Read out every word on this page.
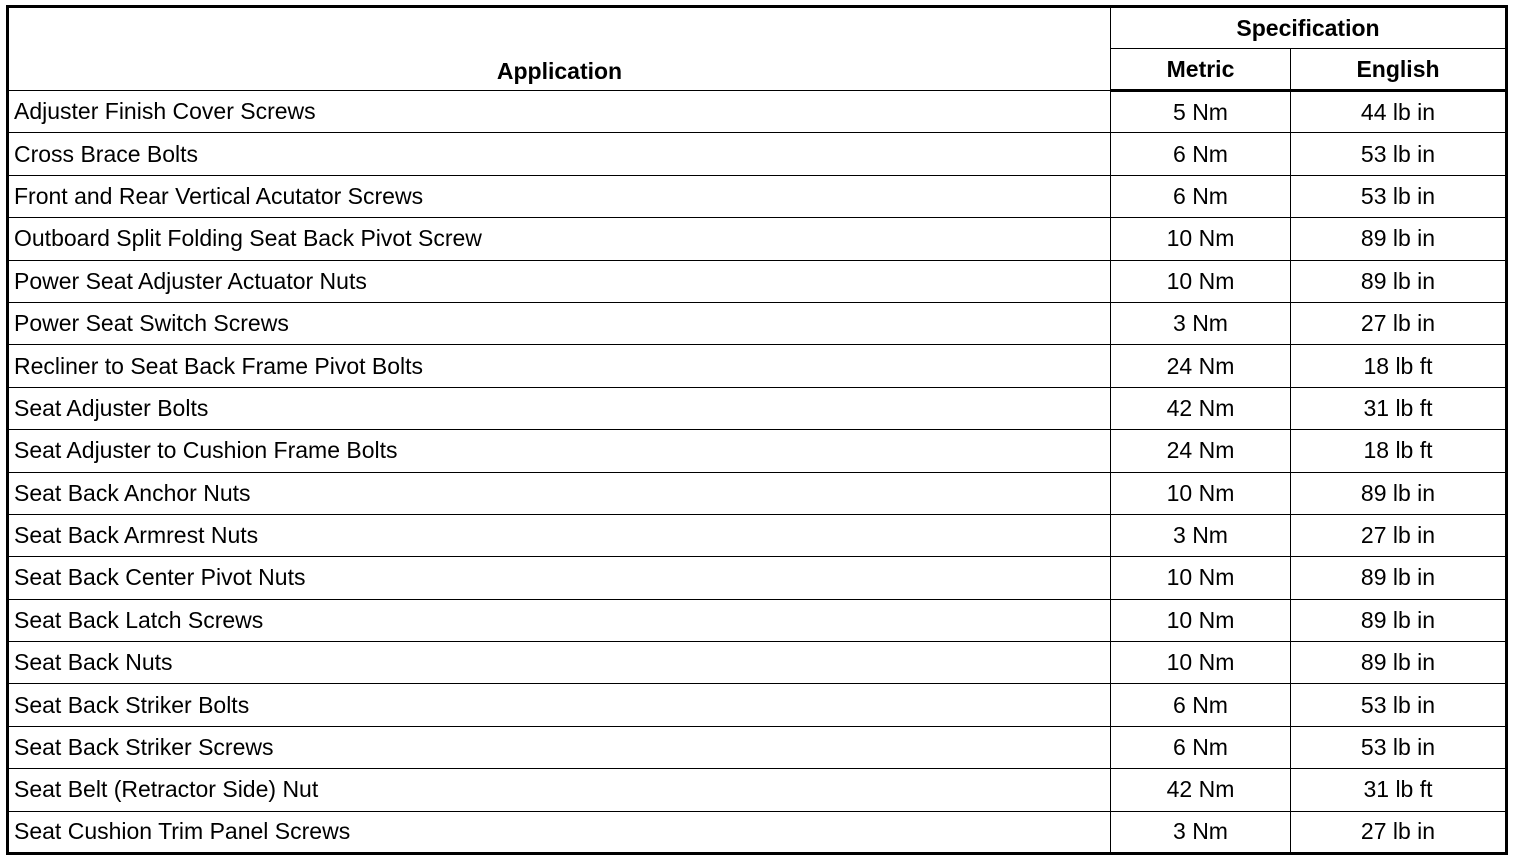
Application	Specification	
	Metric	English
Adjuster Finish Cover Screws	5 Nm	44 lb in
Cross Brace Bolts	6 Nm	53 lb in
Front and Rear Vertical Acutator Screws	6 Nm	53 lb in
Outboard Split Folding Seat Back Pivot Screw	10 Nm	89 lb in
Power Seat Adjuster Actuator Nuts	10 Nm	89 lb in
Power Seat Switch Screws	3 Nm	27 lb in
Recliner to Seat Back Frame Pivot Bolts	24 Nm	18 lb ft
Seat Adjuster Bolts	42 Nm	31 lb ft
Seat Adjuster to Cushion Frame Bolts	24 Nm	18 lb ft
Seat Back Anchor Nuts	10 Nm	89 lb in
Seat Back Armrest Nuts	3 Nm	27 lb in
Seat Back Center Pivot Nuts	10 Nm	89 lb in
Seat Back Latch Screws	10 Nm	89 lb in
Seat Back Nuts	10 Nm	89 lb in
Seat Back Striker Bolts	6 Nm	53 lb in
Seat Back Striker Screws	6 Nm	53 lb in
Seat Belt (Retractor Side) Nut	42 Nm	31 lb ft
Seat Cushion Trim Panel Screws	3 Nm	27 lb in
